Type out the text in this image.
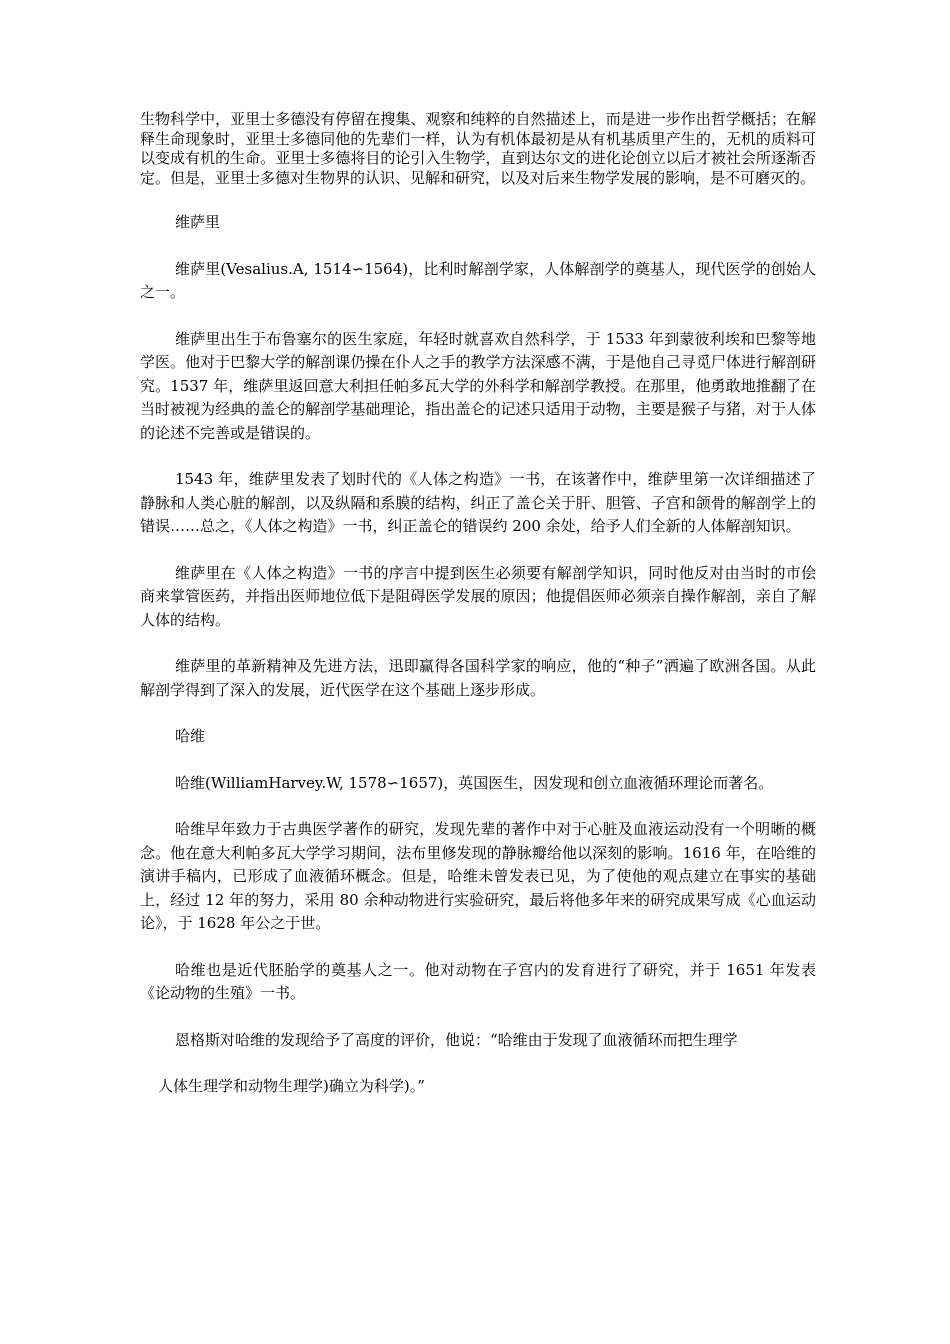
生物科学中，亚里士多德没有停留在搜集、观察和纯粹的自然描述上，而是进一步作出哲学概括；在解释生命现象时，亚里士多德同他的先辈们一样，认为有机体最初是从有机基质里产生的，无机的质料可以变成有机的生命。亚里士多德将目的论引入生物学，直到达尔文的进化论创立以后才被社会所逐渐否定。但是，亚里士多德对生物界的认识、见解和研究，以及对后来生物学发展的影响，是不可磨灭的。

维萨里

维萨里(Vesalius.A, 1514∽1564)，比利时解剖学家，人体解剖学的奠基人，现代医学的创始人之一。

维萨里出生于布鲁塞尔的医生家庭，年轻时就喜欢自然科学，于 1533 年到蒙彼利埃和巴黎等地学医。他对于巴黎大学的解剖课仍操在仆人之手的教学方法深感不满，于是他自己寻觅尸体进行解剖研究。1537 年，维萨里返回意大利担任帕多瓦大学的外科学和解剖学教授。在那里，他勇敢地推翻了在当时被视为经典的盖仑的解剖学基础理论，指出盖仑的记述只适用于动物，主要是猴子与猪，对于人体的论述不完善或是错误的。

1543 年，维萨里发表了划时代的《人体之构造》一书，在该著作中，维萨里第一次详细描述了静脉和人类心脏的解剖，以及纵隔和系膜的结构，纠正了盖仑关于肝、胆管、子宫和颌骨的解剖学上的错误……总之，《人体之构造》一书，纠正盖仑的错误约 200 余处，给予人们全新的人体解剖知识。

维萨里在《人体之构造》一书的序言中提到医生必须要有解剖学知识，同时他反对由当时的市侩商来掌管医药，并指出医师地位低下是阻碍医学发展的原因；他提倡医师必须亲自操作解剖，亲自了解人体的结构。

维萨里的革新精神及先进方法，迅即赢得各国科学家的响应，他的“种子”洒遍了欧洲各国。从此解剖学得到了深入的发展，近代医学在这个基础上逐步形成。

哈维

哈维(WilliamHarvey.W, 1578∽1657)，英国医生，因发现和创立血液循环理论而著名。

哈维早年致力于古典医学著作的研究，发现先辈的著作中对于心脏及血液运动没有一个明晰的概念。他在意大利帕多瓦大学学习期间，法布里修发现的静脉瓣给他以深刻的影响。1616 年，在哈维的演讲手稿内，已形成了血液循环概念。但是，哈维未曾发表已见，为了使他的观点建立在事实的基础上，经过 12 年的努力，采用 80 余种动物进行实验研究，最后将他多年来的研究成果写成《心血运动论》，于 1628 年公之于世。

哈维也是近代胚胎学的奠基人之一。他对动物在子宫内的发育进行了研究，并于 1651 年发表《论动物的生殖》一书。

恩格斯对哈维的发现给予了高度的评价，他说：“哈维由于发现了血液循环而把生理学

人体生理学和动物生理学)确立为科学)。”
